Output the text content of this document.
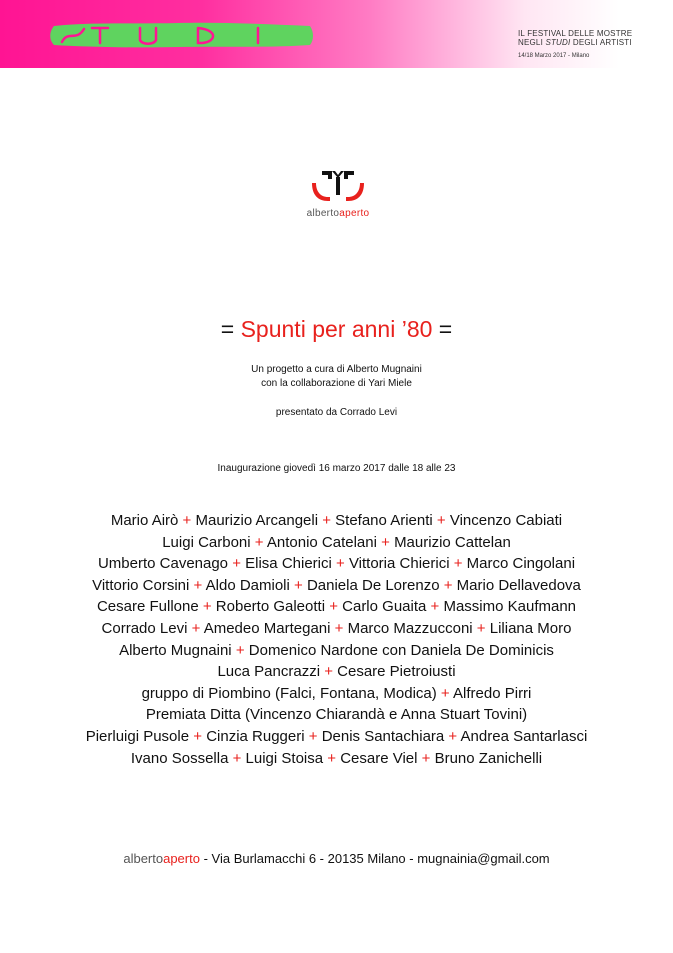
IL FESTIVAL DELLE MOSTRE
NEGLI STUDI DEGLI ARTISTI
14/18 Marzo 2017 - Milano
albertoaperto
= Spunti per anni ’80 =
Un progetto a cura di Alberto Mugnaini
con la collaborazione di Yari Miele
presentato da Corrado Levi
Inaugurazione giovedì 16 marzo 2017 dalle 18 alle 23
Mario Airò + Maurizio Arcangeli + Stefano Arienti + Vincenzo Cabiati
Luigi Carboni + Antonio Catelani + Maurizio Cattelan
Umberto Cavenago + Elisa Chierici + Vittoria Chierici + Marco Cingolani
Vittorio Corsini + Aldo Damioli + Daniela De Lorenzo + Mario Dellavedova
Cesare Fullone + Roberto Galeotti + Carlo Guaita + Massimo Kaufmann
Corrado Levi + Amedeo Martegani + Marco Mazzucconi + Liliana Moro
Alberto Mugnaini + Domenico Nardone con Daniela De Dominicis
Luca Pancrazzi + Cesare Pietroiusti
gruppo di Piombino (Falci, Fontana, Modica) + Alfredo Pirri
Premiata Ditta (Vincenzo Chiarandà e Anna Stuart Tovini)
Pierluigi Pusole + Cinzia Ruggeri + Denis Santachiara + Andrea Santarlasci
Ivano Sossella + Luigi Stoisa + Cesare Viel + Bruno Zanichelli
albertoaperto - Via Burlamacchi 6 - 20135 Milano - mugnainia@gmail.com
